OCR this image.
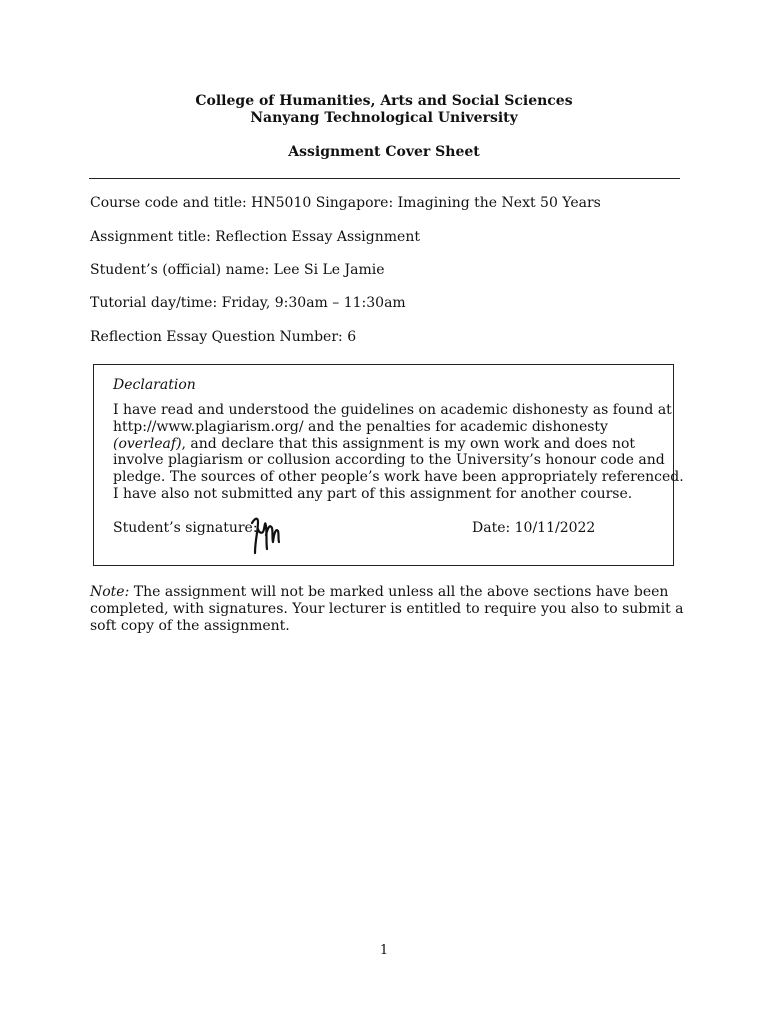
College of Humanities, Arts and Social Sciences
Nanyang Technological University
Assignment Cover Sheet
Course code and title: HN5010 Singapore: Imagining the Next 50 Years
Assignment title: Reflection Essay Assignment
Student’s (official) name: Lee Si Le Jamie
Tutorial day/time: Friday, 9:30am – 11:30am
Reflection Essay Question Number: 6
Declaration
I have read and understood the guidelines on academic dishonesty as found at
http://www.plagiarism.org/ and the penalties for academic dishonesty
(overleaf), and declare that this assignment is my own work and does not
involve plagiarism or collusion according to the University’s honour code and
pledge. The sources of other people’s work have been appropriately referenced.
I have also not submitted any part of this assignment for another course.
Student’s signature:	Date: 10/11/2022
Note: The assignment will not be marked unless all the above sections have been
completed, with signatures. Your lecturer is entitled to require you also to submit a
soft copy of the assignment.
1
